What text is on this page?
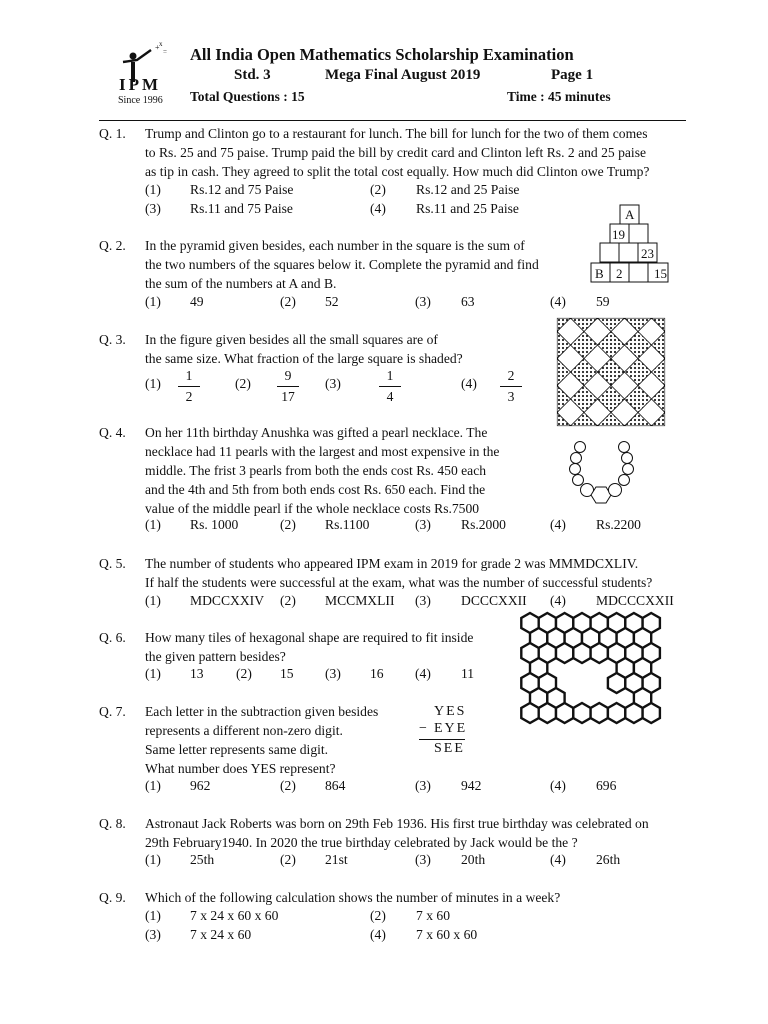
+ x
=
IPM
Since 1996
All India Open Mathematics Scholarship Examination
Std. 3	Mega Final August 2019	Page 1
Total Questions : 15	Time : 45 minutes
Q. 1.	Trump and Clinton go to a restaurant for lunch. The bill for lunch for the two of them comes
to Rs. 25 and 75 paise. Trump paid the bill by credit card and Clinton left Rs. 2 and 25 paise
as tip in cash. They agreed to split the total cost equally. How much did Clinton owe Trump?
(1) Rs.12 and 75 Paise	(2) Rs.12 and 25 Paise
(3) Rs.11 and 75 Paise	(4) Rs.11 and 25 Paise	A
19
23
B 2 15
Q. 2.	In the pyramid given besides, each number in the square is the sum of
the two numbers of the squares below it. Complete the pyramid and find
the sum of the numbers at A and B.
(1) 49	(2) 52	(3) 63	(4) 59
Q. 3.	In the figure given besides all the small squares are of
the same size. What fraction of the large square is shaded?
(1)
1
2
(2)
9
17
(3)
1
4
(4)
2
3
Q. 4.	On her 11th birthday Anushka was gifted a pearl necklace. The
necklace had 11 pearls with the largest and most expensive in the
middle. The frist 3 pearls from both the ends cost Rs. 450 each
and the 4th and 5th from both ends cost Rs. 650 each. Find the
value of the middle pearl if the whole necklace costs Rs.7500
(1) Rs. 1000	(2) Rs.1100	(3) Rs.2000	(4) Rs.2200
Q. 5.	The number of students who appeared IPM exam in 2019 for grade 2 was MMMDCXLIV.
If half the students were successful at the exam, what was the number of successful students?
(1) MDCCXXIV (2) MCCMXLII (3) DCCCXXII (4) MDCCCXXII
Q. 6.	How many tiles of hexagonal shape are required to fit inside
the given pattern besides?
(1) 13 (2) 15 (3) 16 (4) 11
Q. 7.	Each letter in the subtraction given besides
represents a different non-zero digit.
Same letter represents same digit.
What number does YES represent?
YES
− EYE
SEE
(1) 962	(2) 864	(3) 942	(4) 696
Q. 8.	Astronaut Jack Roberts was born on 29th Feb 1936. His first true birthday was celebrated on
29th February1940. In 2020 the true birthday celebrated by Jack would be the ?
(1) 25th	(2) 21st	(3) 20th	(4) 26th
Q. 9.	Which of the following calculation shows the number of minutes in a week?
(1) 7 x 24 x 60 x 60	(2) 7 x 60
(3) 7 x 24 x 60	(4) 7 x 60 x 60
